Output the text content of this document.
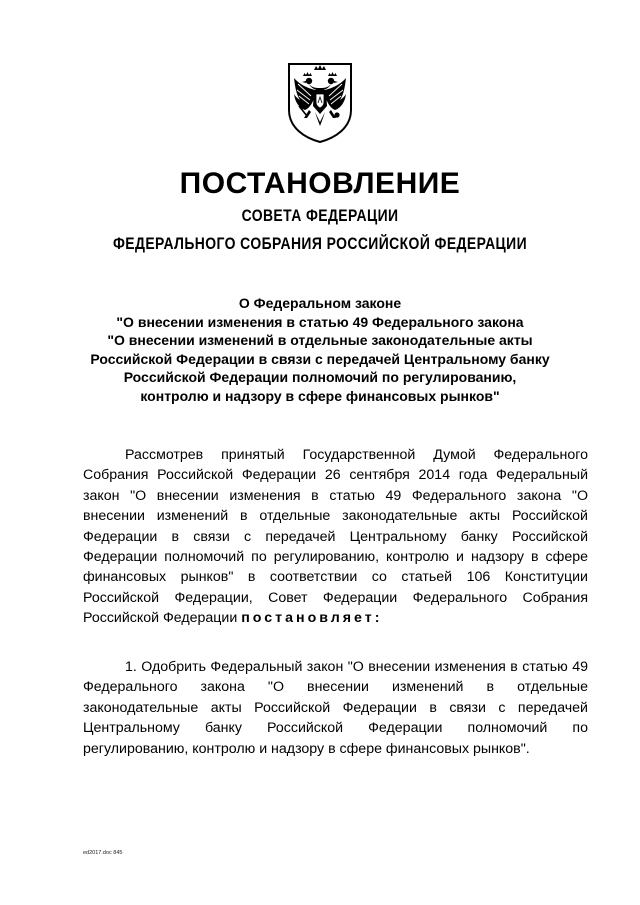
ПОСТАНОВЛЕНИЕ
СОВЕТА ФЕДЕРАЦИИ
ФЕДЕРАЛЬНОГО СОБРАНИЯ РОССИЙСКОЙ ФЕДЕРАЦИИ
О Федеральном законе
"О внесении изменения в статью 49 Федерального закона
"О внесении изменений в отдельные законодательные акты
Российской Федерации в связи с передачей Центральному банку
Российской Федерации полномочий по регулированию,
контролю и надзору в сфере финансовых рынков"
Рассмотрев принятый Государственной Думой Федерального Собрания Российской Федерации 26 сентября 2014 года Федеральный закон "О внесении изменения в статью 49 Федерального закона "О внесении изменений в отдельные законодательные акты Российской Федерации в связи с передачей Центральному банку Российской Федерации полномочий по регулированию, контролю и надзору в сфере финансовых рынков" в соответствии со статьей 106 Конституции Российской Федерации, Совет Федерации Федерального Собрания Российской Федерации постановляет:
1. Одобрить Федеральный закон "О внесении изменения в статью 49 Федерального закона "О внесении изменений в отдельные законодательные акты Российской Федерации в связи с передачей Центральному банку Российской Федерации полномочий по регулированию, контролю и надзору в сфере финансовых рынков".
ed2017.doc 845
